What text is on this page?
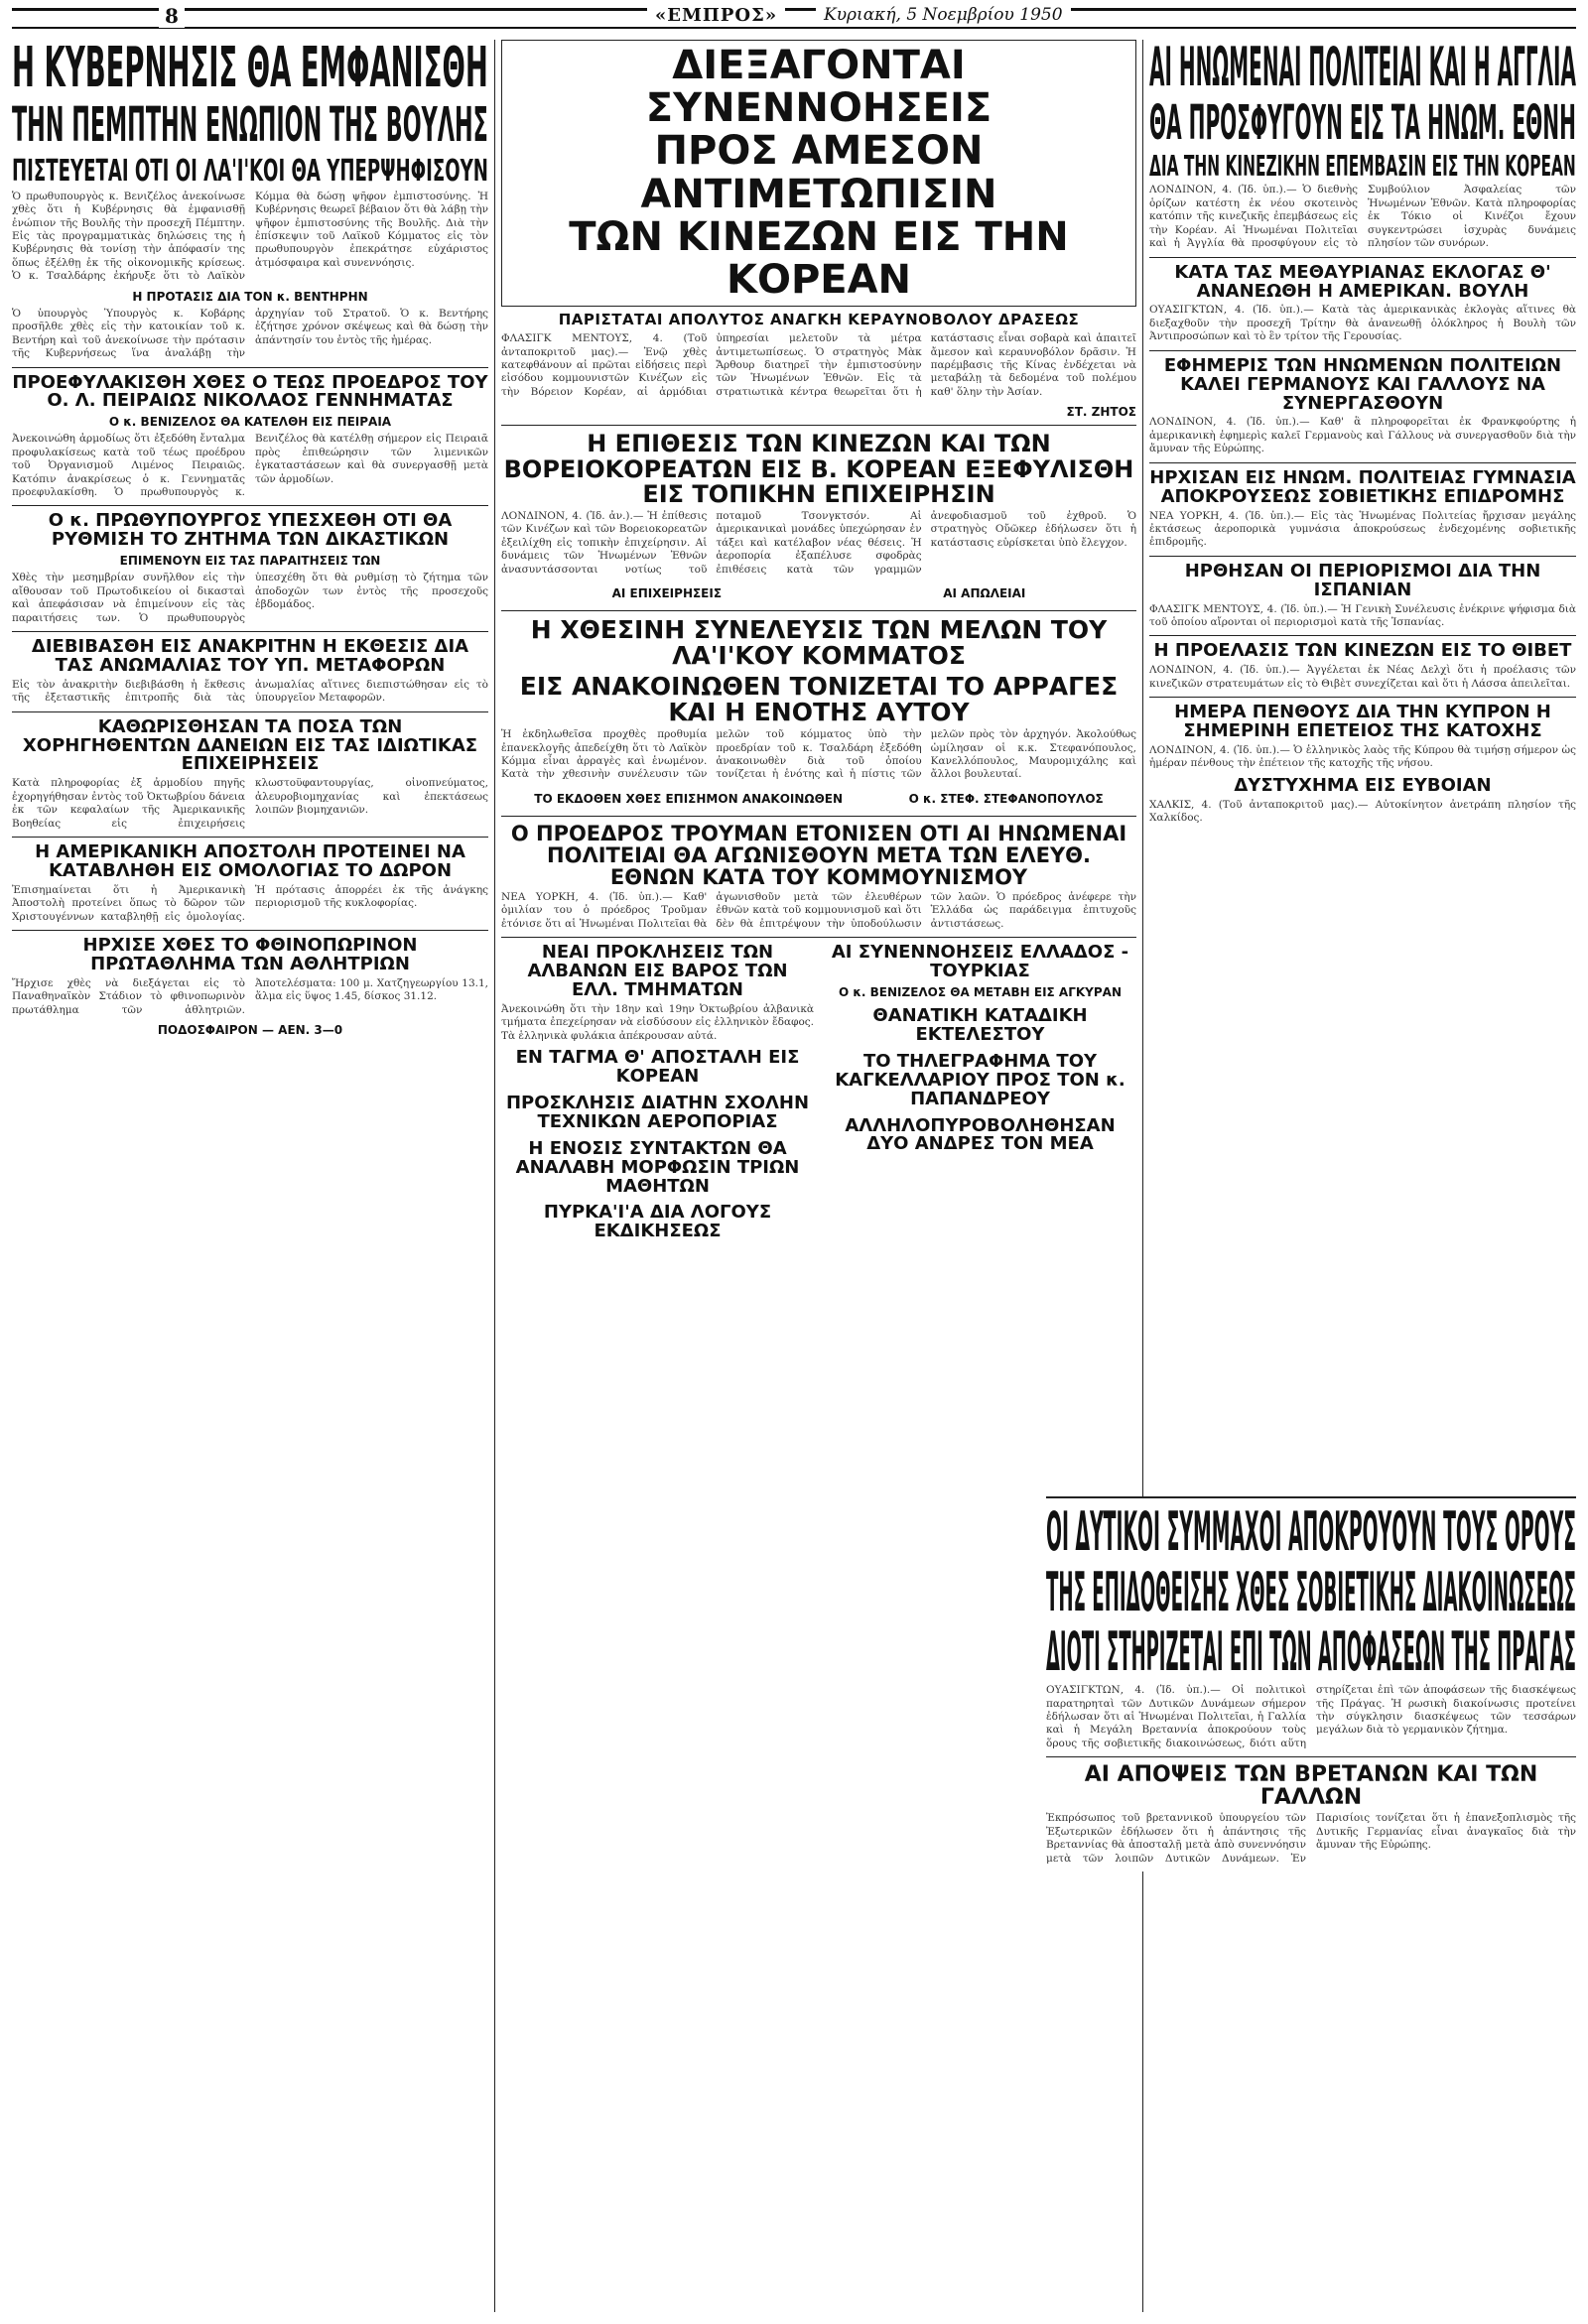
8	«ΕΜΠΡΟΣ»	Κυριακή, 5 Νοεμβρίου 1950
Η ΚΥΒΕΡΝΗΣΙΣ ΘΑ ΕΜΦΑΝΙΣΘΗ
ΤΗΝ ΠΕΜΠΤΗΝ ΕΝΩΠΙΟΝ ΤΗΣ ΒΟΥΛΗΣ
ΠΙΣΤΕΥΕΤΑΙ ΟΤΙ ΟΙ ΛΑ'Ι'ΚΟΙ ΘΑ ΥΠΕΡΨΗΦΙΣΟΥΝ

Ὁ πρωθυπουργὸς κ. Βενιζέλος ἀνεκοίνωσε χθὲς ὅτι ἡ Κυβέρνησις θὰ ἐμφανισθῇ ἐνώπιον τῆς Βουλῆς τὴν προσεχῆ Πέμπτην. Εἰς τὰς προγραμματικὰς δηλώσεις της ἡ Κυβέρνησις θὰ τονίσῃ τὴν ἀπόφασίν της ὅπως ἐξέλθῃ ἐκ τῆς οἰκονομικῆς κρίσεως. Ὁ κ. Τσαλδάρης ἐκήρυξε ὅτι τὸ Λαϊκὸν Κόμμα θὰ δώσῃ ψῆφον ἐμπιστοσύνης. Ἡ Κυβέρνησις θεωρεῖ βέβαιον ὅτι θὰ λάβῃ τὴν ψῆφον ἐμπιστοσύνης τῆς Βουλῆς. Διὰ τὴν ἐπίσκεψιν τοῦ Λαϊκοῦ Κόμματος εἰς τὸν πρωθυπουργὸν ἐπεκράτησε εὐχάριστος ἀτμόσφαιρα καὶ συνεννόησις.

Η ΠΡΟΤΑΣΙΣ ΔΙΑ ΤΟΝ κ. ΒΕΝΤΗΡΗΝ

Ὁ ὑπουργὸς Ὑπουργὸς κ. Κοβάρης προσῆλθε χθὲς εἰς τὴν κατοικίαν τοῦ κ. Βεντήρη καὶ τοῦ ἀνεκοίνωσε τὴν πρότασιν τῆς Κυβερνήσεως ἵνα ἀναλάβῃ τὴν ἀρχηγίαν τοῦ Στρατοῦ. Ὁ κ. Βεντήρης ἐζήτησε χρόνον σκέψεως καὶ θὰ δώσῃ τὴν ἀπάντησίν του ἐντὸς τῆς ἡμέρας.

ΠΡΟΕΦΥΛΑΚΙΣΘΗ ΧΘΕΣ Ο ΤΕΩΣ ΠΡΟΕΔΡΟΣ ΤΟΥ Ο. Λ. ΠΕΙΡΑΙΩΣ ΝΙΚΟΛΑΟΣ ΓΕΝΝΗΜΑΤΑΣ
Ο κ. ΒΕΝΙΖΕΛΟΣ ΘΑ ΚΑΤΕΛΘΗ ΕΙΣ ΠΕΙΡΑΙΑ

Ἀνεκοινώθη ἀρμοδίως ὅτι ἐξεδόθη ἔνταλμα προφυλακίσεως κατὰ τοῦ τέως προέδρου τοῦ Ὀργανισμοῦ Λιμένος Πειραιῶς. Κατόπιν ἀνακρίσεως ὁ κ. Γεννηματᾶς προεφυλακίσθη. Ὁ πρωθυπουργὸς κ. Βενιζέλος θὰ κατέλθῃ σήμερον εἰς Πειραιᾶ πρὸς ἐπιθεώρησιν τῶν λιμενικῶν ἐγκαταστάσεων καὶ θὰ συνεργασθῇ μετὰ τῶν ἀρμοδίων.

Ο κ. ΠΡΩΘΥΠΟΥΡΓΟΣ ΥΠΕΣΧΕΘΗ ΟΤΙ ΘΑ ΡΥΘΜΙΣΗ ΤΟ ΖΗΤΗΜΑ ΤΩΝ ΔΙΚΑΣΤΙΚΩΝ
ΕΠΙΜΕΝΟΥΝ ΕΙΣ ΤΑΣ ΠΑΡΑΙΤΗΣΕΙΣ ΤΩΝ

Χθὲς τὴν μεσημβρίαν συνῆλθον εἰς τὴν αἴθουσαν τοῦ Πρωτοδικείου οἱ δικασταὶ καὶ ἀπεφάσισαν νὰ ἐπιμείνουν εἰς τὰς παραιτήσεις των. Ὁ πρωθυπουργὸς ὑπεσχέθη ὅτι θὰ ρυθμίσῃ τὸ ζήτημα τῶν ἀποδοχῶν των ἐντὸς τῆς προσεχοῦς ἑβδομάδος.

ΔΙΕΒΙΒΑΣΘΗ ΕΙΣ ΑΝΑΚΡΙΤΗΝ Η ΕΚΘΕΣΙΣ ΔΙΑ ΤΑΣ ΑΝΩΜΑΛΙΑΣ ΤΟΥ ΥΠ. ΜΕΤΑΦΟΡΩΝ

Εἰς τὸν ἀνακριτὴν διεβιβάσθη ἡ ἔκθεσις τῆς ἐξεταστικῆς ἐπιτροπῆς διὰ τὰς ἀνωμαλίας αἵτινες διεπιστώθησαν εἰς τὸ ὑπουργεῖον Μεταφορῶν.

ΚΑΘΩΡΙΣΘΗΣΑΝ ΤΑ ΠΟΣΑ ΤΩΝ ΧΟΡΗΓΗΘΕΝΤΩΝ ΔΑΝΕΙΩΝ ΕΙΣ ΤΑΣ ΙΔΙΩΤΙΚΑΣ ΕΠΙΧΕΙΡΗΣΕΙΣ

Κατὰ πληροφορίας ἐξ ἀρμοδίου πηγῆς ἐχορηγήθησαν ἐντὸς τοῦ Ὀκτωβρίου δάνεια ἐκ τῶν κεφαλαίων τῆς Ἀμερικανικῆς Βοηθείας εἰς ἐπιχειρήσεις κλωστοϋφαντουργίας, οἰνοπνεύματος, ἀλευροβιομηχανίας καὶ ἐπεκτάσεως λοιπῶν βιομηχανιῶν.

Η ΑΜΕΡΙΚΑΝΙΚΗ ΑΠΟΣΤΟΛΗ ΠΡΟΤΕΙΝΕΙ ΝΑ ΚΑΤΑΒΛΗΘΗ ΕΙΣ ΟΜΟΛΟΓΙΑΣ ΤΟ ΔΩΡΟΝ

Ἐπισημαίνεται ὅτι ἡ Ἀμερικανικὴ Ἀποστολὴ προτείνει ὅπως τὸ δῶρον τῶν Χριστουγέννων καταβληθῇ εἰς ὁμολογίας. Ἡ πρότασις ἀπορρέει ἐκ τῆς ἀνάγκης περιορισμοῦ τῆς κυκλοφορίας.

ΗΡΧΙΣΕ ΧΘΕΣ ΤΟ ΦΘΙΝΟΠΩΡΙΝΟΝ ΠΡΩΤΑΘΛΗΜΑ ΤΩΝ ΑΘΛΗΤΡΙΩΝ

Ἤρχισε χθὲς νὰ διεξάγεται εἰς τὸ Παναθηναϊκὸν Στάδιον τὸ φθινοπωρινὸν πρωτάθλημα τῶν ἀθλητριῶν. Ἀποτελέσματα: 100 μ. Χατζηγεωργίου 13.1, ἅλμα εἰς ὕψος 1.45, δίσκος 31.12.

ΠΟΔΟΣΦΑΙΡΟΝ — ΑΕΝ. 3—0
ΔΙΕΞΑΓΟΝΤΑΙ ΣΥΝΕΝΝΟΗΣΕΙΣ
ΠΡΟΣ ΑΜΕΣΟΝ ΑΝΤΙΜΕΤΩΠΙΣΙΝ
ΤΩΝ ΚΙΝΕΖΩΝ ΕΙΣ ΤΗΝ ΚΟΡΕΑΝ
ΠΑΡΙΣΤΑΤΑΙ ΑΠΟΛΥΤΟΣ ΑΝΑΓΚΗ ΚΕΡΑΥΝΟΒΟΛΟΥ ΔΡΑΣΕΩΣ

ΦΛΑΣΙΓΚ ΜΕΝΤΟΥΣ, 4. (Τοῦ ἀνταποκριτοῦ μας).— Ἐνῷ χθὲς κατεφθάνουν αἱ πρῶται εἰδήσεις περὶ εἰσόδου κομμουνιστῶν Κινέζων εἰς τὴν Βόρειον Κορέαν, αἱ ἀρμόδιαι ὑπηρεσίαι μελετοῦν τὰ μέτρα ἀντιμετωπίσεως. Ὁ στρατηγὸς Μὰκ Ἄρθουρ διατηρεῖ τὴν ἐμπιστοσύνην τῶν Ἡνωμένων Ἐθνῶν. Εἰς τὰ στρατιωτικὰ κέντρα θεωρεῖται ὅτι ἡ κατάστασις εἶναι σοβαρὰ καὶ ἀπαιτεῖ ἄμεσον καὶ κεραυνοβόλον δρᾶσιν. Ἡ παρέμβασις τῆς Κίνας ἐνδέχεται νὰ μεταβάλῃ τὰ δεδομένα τοῦ πολέμου καθ' ὅλην τὴν Ἀσίαν.

ΣΤ. ΖΗΤΟΣ
Η ΕΠΙΘΕΣΙΣ ΤΩΝ ΚΙΝΕΖΩΝ ΚΑΙ ΤΩΝ ΒΟΡΕΙΟΚΟΡΕΑΤΩΝ ΕΙΣ Β. ΚΟΡΕΑΝ ΕΞΕΦΥΛΙΣΘΗ ΕΙΣ ΤΟΠΙΚΗΝ ΕΠΙΧΕΙΡΗΣΙΝ

ΛΟΝΔΙΝΟΝ, 4. (Ἰδ. ἀν.).— Ἡ ἐπίθεσις τῶν Κινέζων καὶ τῶν Βορειοκορεατῶν ἐξειλίχθη εἰς τοπικὴν ἐπιχείρησιν. Αἱ δυνάμεις τῶν Ἡνωμένων Ἐθνῶν ἀνασυντάσσονται νοτίως τοῦ ποταμοῦ Τσονγκτσόν. Αἱ ἀμερικανικαὶ μονάδες ὑπεχώρησαν ἐν τάξει καὶ κατέλαβον νέας θέσεις. Ἡ ἀεροπορία ἐξαπέλυσε σφοδρὰς ἐπιθέσεις κατὰ τῶν γραμμῶν ἀνεφοδιασμοῦ τοῦ ἐχθροῦ. Ὁ στρατηγὸς Οὔῶκερ ἐδήλωσεν ὅτι ἡ κατάστασις εὑρίσκεται ὑπὸ ἔλεγχον.

ΑΙ ΕΠΙΧΕΙΡΗΣΕΙΣ	ΑΙ ΑΠΩΛΕΙΑΙ
Η ΧΘΕΣΙΝΗ ΣΥΝΕΛΕΥΣΙΣ ΤΩΝ ΜΕΛΩΝ ΤΟΥ ΛΑ'Ι'ΚΟΥ ΚΟΜΜΑΤΟΣ
ΕΙΣ ΑΝΑΚΟΙΝΩΘΕΝ ΤΟΝΙΖΕΤΑΙ ΤΟ ΑΡΡΑΓΕΣ ΚΑΙ Η ΕΝΟΤΗΣ ΑΥΤΟΥ

Ἡ ἐκδηλωθεῖσα προχθὲς προθυμία ἐπανεκλογῆς ἀπεδείχθη ὅτι τὸ Λαϊκὸν Κόμμα εἶναι ἀρραγὲς καὶ ἑνωμένον. Κατὰ τὴν χθεσινὴν συνέλευσιν τῶν μελῶν τοῦ κόμματος ὑπὸ τὴν προεδρίαν τοῦ κ. Τσαλδάρη ἐξεδόθη ἀνακοινωθὲν διὰ τοῦ ὁποίου τονίζεται ἡ ἑνότης καὶ ἡ πίστις τῶν μελῶν πρὸς τὸν ἀρχηγόν. Ἀκολούθως ὡμίλησαν οἱ κ.κ. Στεφανόπουλος, Κανελλόπουλος, Μαυρομιχάλης καὶ ἄλλοι βουλευταί.

ΤΟ ΕΚΔΟΘΕΝ ΧΘΕΣ ΕΠΙΣΗΜΟΝ ΑΝΑΚΟΙΝΩΘΕΝ	Ο κ. ΣΤΕΦ. ΣΤΕΦΑΝΟΠΟΥΛΟΣ
Ο ΠΡΟΕΔΡΟΣ ΤΡΟΥΜΑΝ ΕΤΟΝΙΣΕΝ ΟΤΙ ΑΙ ΗΝΩΜΕΝΑΙ ΠΟΛΙΤΕΙΑΙ ΘΑ ΑΓΩΝΙΣΘΟΥΝ ΜΕΤΑ ΤΩΝ ΕΛΕΥΘ. ΕΘΝΩΝ ΚΑΤΑ ΤΟΥ ΚΟΜΜΟΥΝΙΣΜΟΥ

ΝΕΑ ΥΟΡΚΗ, 4. (Ἰδ. ὑπ.).— Καθ' ὁμιλίαν του ὁ πρόεδρος Τροῦμαν ἐτόνισε ὅτι αἱ Ἡνωμέναι Πολιτεῖαι θὰ ἀγωνισθοῦν μετὰ τῶν ἐλευθέρων ἐθνῶν κατὰ τοῦ κομμουνισμοῦ καὶ ὅτι δὲν θὰ ἐπιτρέψουν τὴν ὑποδούλωσιν τῶν λαῶν. Ὁ πρόεδρος ἀνέφερε τὴν Ἑλλάδα ὡς παράδειγμα ἐπιτυχοῦς ἀντιστάσεως.

ΝΕΑΙ ΠΡΟΚΛΗΣΕΙΣ ΤΩΝ ΑΛΒΑΝΩΝ ΕΙΣ ΒΑΡΟΣ ΤΩΝ ΕΛΛ. ΤΜΗΜΑΤΩΝ

Ἀνεκοινώθη ὅτι τὴν 18ην καὶ 19ην Ὀκτωβρίου ἀλβανικὰ τμήματα ἐπεχείρησαν νὰ εἰσδύσουν εἰς ἑλληνικὸν ἔδαφος. Τὰ ἑλληνικὰ φυλάκια ἀπέκρουσαν αὐτά.

ΕΝ ΤΑΓΜΑ Θ' ΑΠΟΣΤΑΛΗ ΕΙΣ ΚΟΡΕΑΝ
ΠΡΟΣΚΛΗΣΙΣ ΔΙΑΤΗΝ ΣΧΟΛΗΝ ΤΕΧΝΙΚΩΝ ΑΕΡΟΠΟΡΙΑΣ
Η ΕΝΟΣΙΣ ΣΥΝΤΑΚΤΩΝ ΘΑ ΑΝΑΛΑΒΗ ΜΟΡΦΩΣΙΝ ΤΡΙΩΝ ΜΑΘΗΤΩΝ
ΠΥΡΚΑ'Ι'Α ΔΙΑ ΛΟΓΟΥΣ ΕΚΔΙΚΗΣΕΩΣ
ΑΙ ΣΥΝΕΝΝΟΗΣΕΙΣ ΕΛΛΑΔΟΣ - ΤΟΥΡΚΙΑΣ
Ο κ. ΒΕΝΙΖΕΛΟΣ ΘΑ ΜΕΤΑΒΗ ΕΙΣ ΑΓΚΥΡΑΝ
ΘΑΝΑΤΙΚΗ ΚΑΤΑΔΙΚΗ ΕΚΤΕΛΕΣΤΟΥ
ΤΟ ΤΗΛΕΓΡΑΦΗΜΑ ΤΟΥ ΚΑΓΚΕΛΛΑΡΙΟΥ ΠΡΟΣ ΤΟΝ κ. ΠΑΠΑΝΔΡΕΟΥ
ΑΛΛΗΛΟΠΥΡΟΒΟΛΗΘΗΣΑΝ ΔΥΟ ΑΝΔΡΕΣ ΤΟΝ ΜΕΑ
ΑΙ ΗΝΩΜΕΝΑΙ ΠΟΛΙΤΕΙΑΙ ΚΑΙ Η ΑΓΓΛΙΑ
ΘΑ ΠΡΟΣΦΥΓΟΥΝ ΕΙΣ ΤΑ ΗΝΩΜ. ΕΘΝΗ
ΔΙΑ ΤΗΝ ΚΙΝΕΖΙΚΗΝ ΕΠΕΜΒΑΣΙΝ ΕΙΣ ΤΗΝ ΚΟΡΕΑΝ

ΛΟΝΔΙΝΟΝ, 4. (Ἰδ. ὑπ.).— Ὁ διεθνὴς ὁρίζων κατέστη ἐκ νέου σκοτεινὸς κατόπιν τῆς κινεζικῆς ἐπεμβάσεως εἰς τὴν Κορέαν. Αἱ Ἡνωμέναι Πολιτεῖαι καὶ ἡ Ἀγγλία θὰ προσφύγουν εἰς τὸ Συμβούλιον Ἀσφαλείας τῶν Ἡνωμένων Ἐθνῶν. Κατὰ πληροφορίας ἐκ Τόκιο οἱ Κινέζοι ἔχουν συγκεντρώσει ἰσχυρὰς δυνάμεις πλησίον τῶν συνόρων.

ΚΑΤΑ ΤΑΣ ΜΕΘΑΥΡΙΑΝΑΣ ΕΚΛΟΓΑΣ Θ' ΑΝΑΝΕΩΘΗ Η ΑΜΕΡΙΚΑΝ. ΒΟΥΛΗ

ΟΥΑΣΙΓΚΤΩΝ, 4. (Ἰδ. ὑπ.).— Κατὰ τὰς ἀμερικανικὰς ἐκλογὰς αἵτινες θὰ διεξαχθοῦν τὴν προσεχῆ Τρίτην θὰ ἀνανεωθῇ ὁλόκληρος ἡ Βουλὴ τῶν Ἀντιπροσώπων καὶ τὸ ἓν τρίτον τῆς Γερουσίας.

ΕΦΗΜΕΡΙΣ ΤΩΝ ΗΝΩΜΕΝΩΝ ΠΟΛΙΤΕΙΩΝ ΚΑΛΕΙ ΓΕΡΜΑΝΟΥΣ ΚΑΙ ΓΑΛΛΟΥΣ ΝΑ ΣΥΝΕΡΓΑΣΘΟΥΝ

ΛΟΝΔΙΝΟΝ, 4. (Ἰδ. ὑπ.).— Καθ' ἃ πληροφορεῖται ἐκ Φρανκφούρτης ἡ ἀμερικανικὴ ἐφημερὶς καλεῖ Γερμανοὺς καὶ Γάλλους νὰ συνεργασθοῦν διὰ τὴν ἄμυναν τῆς Εὐρώπης.

ΗΡΧΙΣΑΝ ΕΙΣ ΗΝΩΜ. ΠΟΛΙΤΕΙΑΣ ΓΥΜΝΑΣΙΑ ΑΠΟΚΡΟΥΣΕΩΣ ΣΟΒΙΕΤΙΚΗΣ ΕΠΙΔΡΟΜΗΣ

ΝΕΑ ΥΟΡΚΗ, 4. (Ἰδ. ὑπ.).— Εἰς τὰς Ἡνωμένας Πολιτείας ἤρχισαν μεγάλης ἐκτάσεως ἀεροπορικὰ γυμνάσια ἀποκρούσεως ἐνδεχομένης σοβιετικῆς ἐπιδρομῆς.

ΗΡΘΗΣΑΝ ΟΙ ΠΕΡΙΟΡΙΣΜΟΙ ΔΙΑ ΤΗΝ ΙΣΠΑΝΙΑΝ

ΦΛΑΣΙΓΚ ΜΕΝΤΟΥΣ, 4. (Ἰδ. ὑπ.).— Ἡ Γενικὴ Συνέλευσις ἐνέκρινε ψήφισμα διὰ τοῦ ὁποίου αἴρονται οἱ περιορισμοὶ κατὰ τῆς Ἱσπανίας.

Η ΠΡΟΕΛΑΣΙΣ ΤΩΝ ΚΙΝΕΖΩΝ ΕΙΣ ΤΟ ΘΙΒΕΤ

ΛΟΝΔΙΝΟΝ, 4. (Ἰδ. ὑπ.).— Ἀγγέλεται ἐκ Νέας Δελχὶ ὅτι ἡ προέλασις τῶν κινεζικῶν στρατευμάτων εἰς τὸ Θιβὲτ συνεχίζεται καὶ ὅτι ἡ Λάσσα ἀπειλεῖται.

ΗΜΕΡΑ ΠΕΝΘΟΥΣ ΔΙΑ ΤΗΝ ΚΥΠΡΟΝ Η ΣΗΜΕΡΙΝΗ ΕΠΕΤΕΙΟΣ ΤΗΣ ΚΑΤΟΧΗΣ

ΛΟΝΔΙΝΟΝ, 4. (Ἰδ. ὑπ.).— Ὁ ἑλληνικὸς λαὸς τῆς Κύπρου θὰ τιμήσῃ σήμερον ὡς ἡμέραν πένθους τὴν ἐπέτειον τῆς κατοχῆς τῆς νήσου.

ΔΥΣΤΥΧΗΜΑ ΕΙΣ ΕΥΒΟΙΑΝ

ΧΑΛΚΙΣ, 4. (Τοῦ ἀνταποκριτοῦ μας).— Αὐτοκίνητον ἀνετράπη πλησίον τῆς Χαλκίδος.

ΟΙ ΔΥΤΙΚΟΙ ΣΥΜΜΑΧΟΙ ΑΠΟΚΡΟΥΟΥΝ ΤΟΥΣ ΟΡΟΥΣ
ΤΗΣ ΕΠΙΔΟΘΕΙΣΗΣ ΧΘΕΣ ΣΟΒΙΕΤΙΚΗΣ ΔΙΑΚΟΙΝΩΣΕΩΣ
ΔΙΟΤΙ ΣΤΗΡΙΖΕΤΑΙ ΕΠΙ ΤΩΝ ΑΠΟΦΑΣΕΩΝ ΤΗΣ ΠΡΑΓΑΣ

ΟΥΑΣΙΓΚΤΩΝ, 4. (Ἰδ. ὑπ.).— Οἱ πολιτικοὶ παρατηρηταὶ τῶν Δυτικῶν Δυνάμεων σήμερον ἐδήλωσαν ὅτι αἱ Ἡνωμέναι Πολιτεῖαι, ἡ Γαλλία καὶ ἡ Μεγάλη Βρεταννία ἀποκρούουν τοὺς ὅρους τῆς σοβιετικῆς διακοινώσεως, διότι αὕτη στηρίζεται ἐπὶ τῶν ἀποφάσεων τῆς διασκέψεως τῆς Πράγας. Ἡ ρωσικὴ διακοίνωσις προτείνει τὴν σύγκλησιν διασκέψεως τῶν τεσσάρων μεγάλων διὰ τὸ γερμανικὸν ζήτημα.

ΑΙ ΑΠΟΨΕΙΣ ΤΩΝ ΒΡΕΤΑΝΩΝ ΚΑΙ ΤΩΝ ΓΑΛΛΩΝ

Ἐκπρόσωπος τοῦ βρεταννικοῦ ὑπουργείου τῶν Ἐξωτερικῶν ἐδήλωσεν ὅτι ἡ ἀπάντησις τῆς Βρεταννίας θὰ ἀποσταλῇ μετὰ ἀπὸ συνεννόησιν μετὰ τῶν λοιπῶν Δυτικῶν Δυνάμεων. Ἐν Παρισίοις τονίζεται ὅτι ἡ ἐπανεξοπλισμὸς τῆς Δυτικῆς Γερμανίας εἶναι ἀναγκαῖος διὰ τὴν ἄμυναν τῆς Εὐρώπης.
